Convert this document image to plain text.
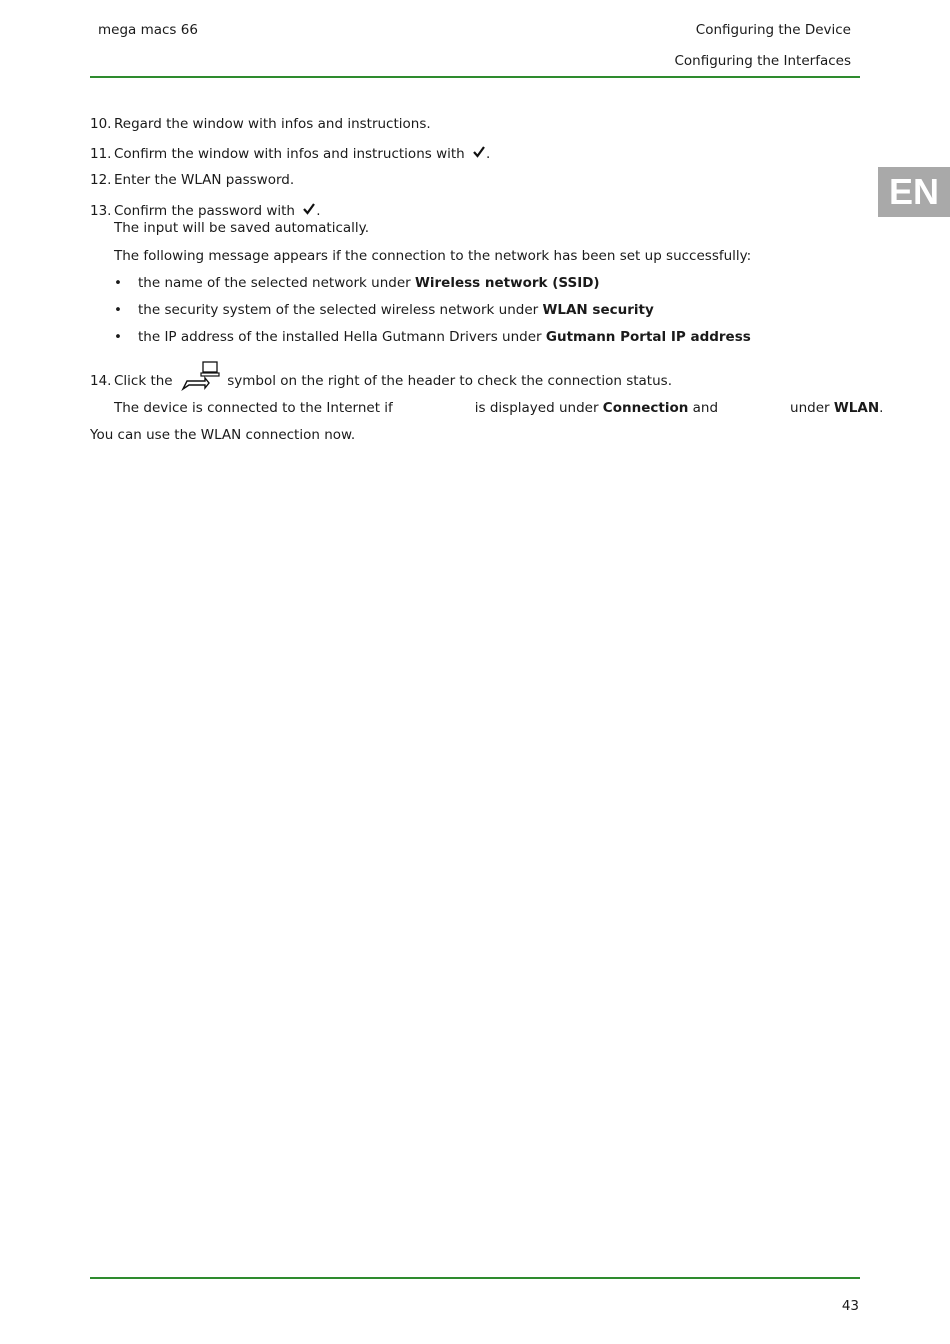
mega macs 66	Configuring the Device
Configuring the Interfaces
EN
10. Regard the window with infos and instructions.
11. Confirm the window with infos and instructions with .
12. Enter the WLAN password.
13. Confirm the password with .
The input will be saved automatically.
The following message appears if the connection to the network has been set up successfully:
• the name of the selected network under Wireless network (SSID)
• the security system of the selected wireless network under WLAN security
• the IP address of the installed Hella Gutmann Drivers under Gutmann Portal IP address
14. Click the	symbol on the right of the header to check the connection status.
The device is connected to the Internet if	is displayed under Connection and	under WLAN.
You can use the WLAN connection now.
43
